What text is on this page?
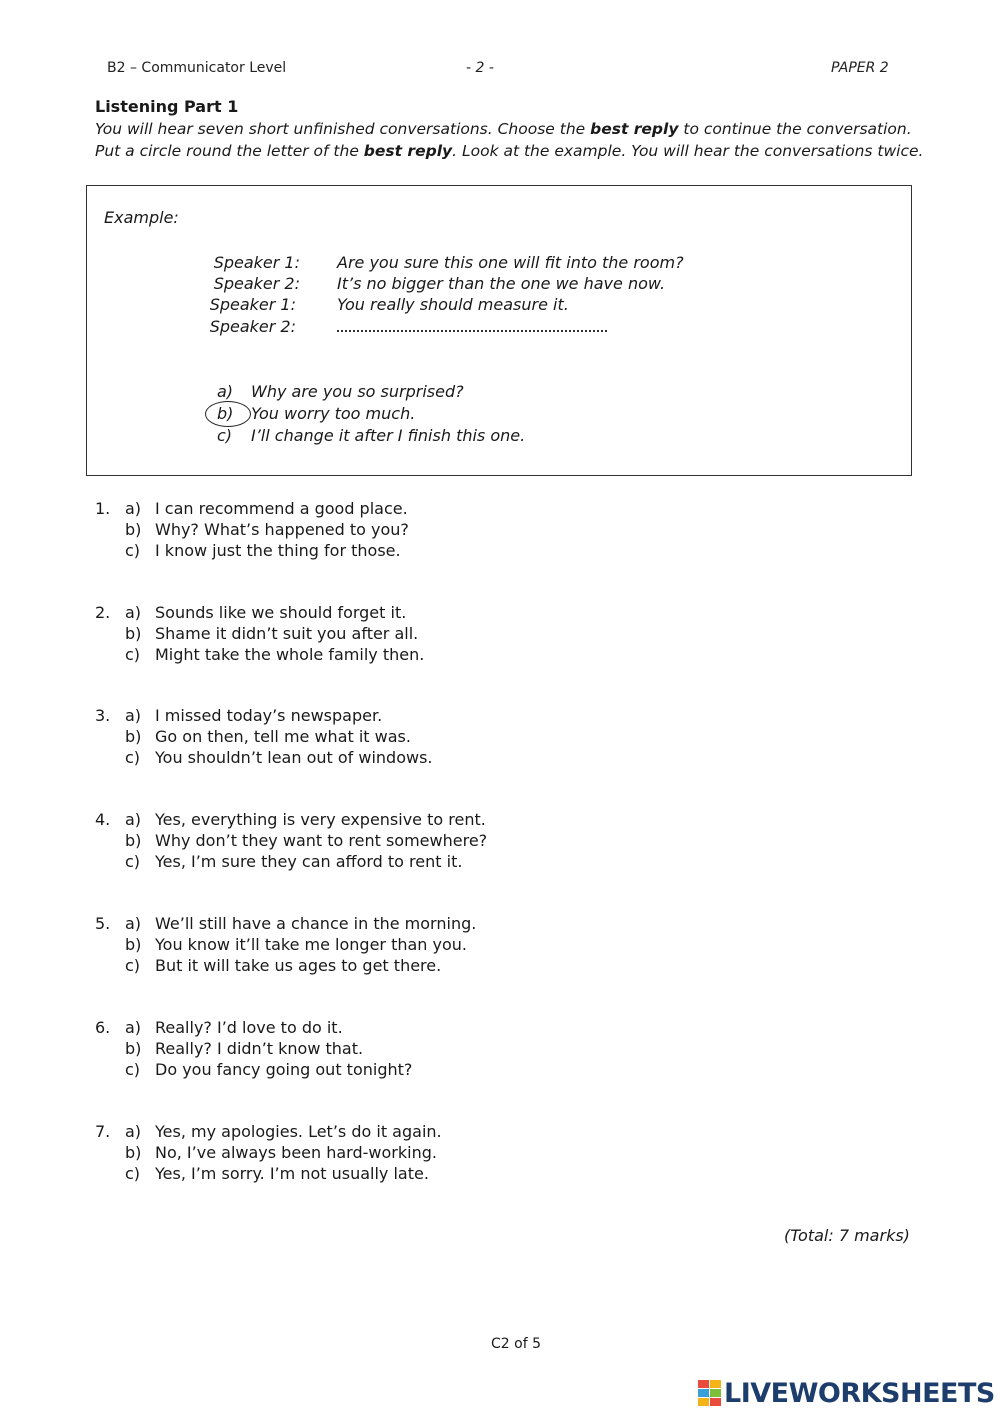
B2 – Communicator Level	- 2 -	PAPER 2
Listening Part 1
You will hear seven short unfinished conversations. Choose the best reply to continue the conversation.
Put a circle round the letter of the best reply. Look at the example. You will hear the conversations twice.
Example:
Speaker 1: Are you sure this one will fit into the room?
Speaker 2: It’s no bigger than the one we have now.
Speaker 1:	You really should measure it.
Speaker 2:
a) Why are you so surprised?
b) You worry too much.
c) I’ll change it after I finish this one.
1. a) I can recommend a good place.
b) Why? What’s happened to you?
c) I know just the thing for those.
2. a) Sounds like we should forget it.
b) Shame it didn’t suit you after all.
c) Might take the whole family then.
3. a) I missed today’s newspaper.
b) Go on then, tell me what it was.
c) You shouldn’t lean out of windows.
4. a) Yes, everything is very expensive to rent.
b) Why don’t they want to rent somewhere?
c) Yes, I’m sure they can afford to rent it.
5. a) We’ll still have a chance in the morning.
b) You know it’ll take me longer than you.
c) But it will take us ages to get there.
6. a) Really? I’d love to do it.
b) Really? I didn’t know that.
c) Do you fancy going out tonight?
7. a) Yes, my apologies. Let’s do it again.
b) No, I’ve always been hard-working.
c) Yes, I’m sorry. I’m not usually late.
(Total: 7 marks)
C2 of 5
LIVEWORKSHEETS
